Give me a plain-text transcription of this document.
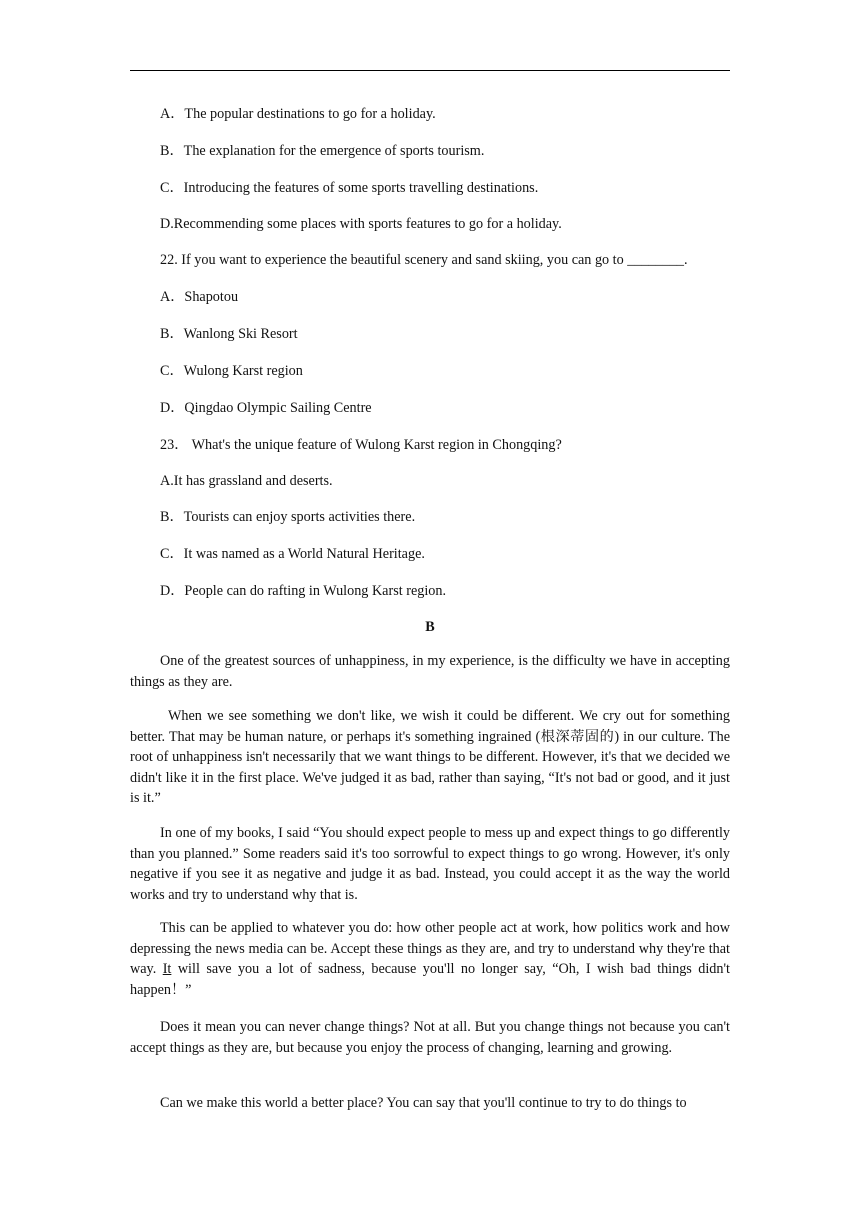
A．The popular destinations to go for a holiday.
B．The explanation for the emergence of sports tourism.
C．Introducing the features of some sports travelling destinations.
D.Recommending some places with sports features to go for a holiday.
22. If you want to experience the beautiful scenery and sand skiing, you can go to ________.
A．Shapotou
B．Wanlong Ski Resort
C．Wulong Karst region
D．Qingdao Olympic Sailing Centre
23． What's the unique feature of Wulong Karst region in Chongqing?
A.It has grassland and deserts.
B．Tourists can enjoy sports activities there.
C．It was named as a World Natural Heritage.
D．People can do rafting in Wulong Karst region.
B
One of the greatest sources of unhappiness, in my experience, is the difficulty we have in accepting things as they are.
When we see something we don't like, we wish it could be different. We cry out for something better. That may be human nature, or perhaps it's something ingrained (根深蒂固的) in our culture. The root of unhappiness isn't necessarily that we want things to be different. However, it's that we decided we didn't like it in the first place. We've judged it as bad, rather than saying, “It's not bad or good, and it just is it.”
In one of my books, I said “You should expect people to mess up and expect things to go differently than you planned.” Some readers said it's too sorrowful to expect things to go wrong. However, it's only negative if you see it as negative and judge it as bad. Instead, you could accept it as the way the world works and try to understand why that is.
This can be applied to whatever you do: how other people act at work, how politics work and how depressing the news media can be. Accept these things as they are, and try to understand why they're that way. It will save you a lot of sadness, because you'll no longer say, “Oh, I wish bad things didn't happen！”
Does it mean you can never change things? Not at all. But you change things not because you can't accept things as they are, but because you enjoy the process of changing, learning and growing.
Can we make this world a better place? You can say that you'll continue to try to do things to
